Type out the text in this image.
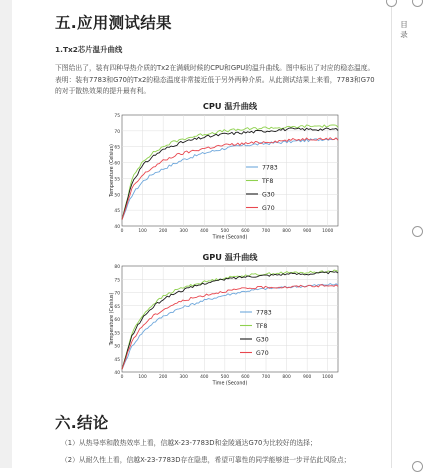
目
录
五.应用测试结果

1.Tx2芯片温升曲线

下图给出了，装有四种导热介质的Tx2在满载时候的CPU和GPU的温升曲线。图中标出了对应的稳态温度。表明：装有7783和G70的Tx2的稳态温度非常接近低于另外两种介质。从此测试结果上来看，7783和G70的对于散热效果的提升最有利。

六.结论

（1）从热导率和散热效率上看，信越X-23-7783D和金陵通达G70为比较好的选择；

（2）从耐久性上看，信越X-23-7783D存在隐患，希望可靠性的同学能够进一步评估此风险点；

CPU 温升曲线
40
45
50
55
60
65
70
75
0	100	200	300	400	500	600	700	800	900 1000
Time (Second)
Temperature (Celsius)	7783
TF8
G30
G70
GPU 温升曲线
40
45
50
55
60
65
70
75
80
0	100	200	300	400	500	600	700	800	900 1000
Time (Second)
Temperature (Celsius)	7783
TF8
G30
G70
